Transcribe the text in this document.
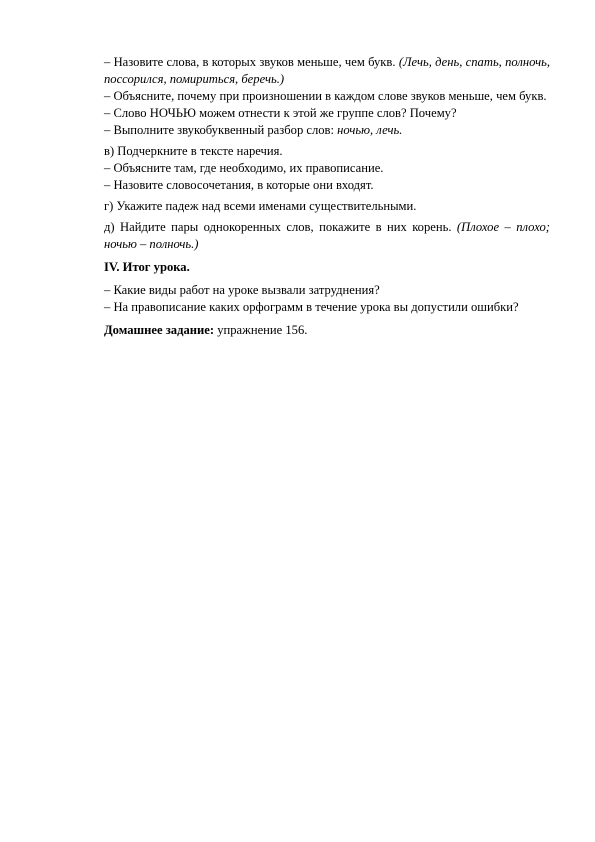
– Назовите слова, в которых звуков меньше, чем букв. (Лечь, день, спать, полночь, поссорился, помириться, беречь.)

– Объясните, почему при произношении в каждом слове звуков меньше, чем букв.

– Слово НОЧЬЮ можем отнести к этой же группе слов? Почему?

– Выполните звукобуквенный разбор слов: ночью, лечь.

в) Подчеркните в тексте наречия.

– Объясните там, где необходимо, их правописание.

– Назовите словосочетания, в которые они входят.

г) Укажите падеж над всеми именами существительными.

д) Найдите пары однокоренных слов, покажите в них корень. (Плохое – плохо; ночью – полночь.)

IV. Итог урока.

– Какие виды работ на уроке вызвали затруднения?

– На правописание каких орфограмм в течение урока вы допустили ошибки?

Домашнее задание: упражнение 156.
